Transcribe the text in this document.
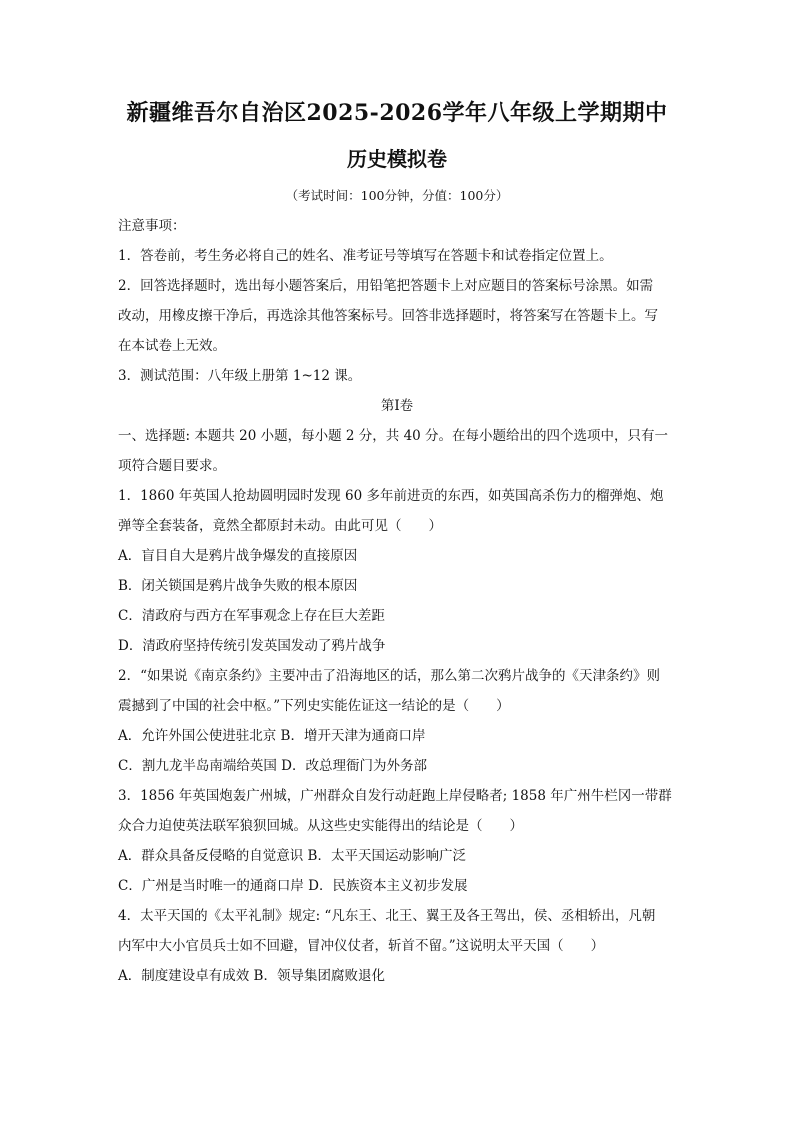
新疆维吾尔自治区2025-2026学年八年级上学期期中
历史模拟卷
（考试时间：100分钟，分值：100分）

注意事项：

1．答卷前，考生务必将自己的姓名、准考证号等填写在答题卡和试卷指定位置上。

2．回答选择题时，选出每小题答案后，用铅笔把答题卡上对应题目的答案标号涂黑。如需

改动，用橡皮擦干净后，再选涂其他答案标号。回答非选择题时，将答案写在答题卡上。写

在本试卷上无效。

3．测试范围：八年级上册第 1~12 课。

第Ⅰ卷

一、选择题: 本题共 20 小题，每小题 2 分，共 40 分。在每小题给出的四个选项中，只有一

项符合题目要求。

1．1860 年英国人抢劫圆明园时发现 60 多年前进贡的东西，如英国高杀伤力的榴弹炮、炮

弹等全套装备，竟然全都原封未动。由此可见（　　）

A．盲目自大是鸦片战争爆发的直接原因

B．闭关锁国是鸦片战争失败的根本原因

C．清政府与西方在军事观念上存在巨大差距

D．清政府坚持传统引发英国发动了鸦片战争

2．“如果说《南京条约》主要冲击了沿海地区的话，那么第二次鸦片战争的《天津条约》则

震撼到了中国的社会中枢。”下列史实能佐证这一结论的是（　　）

A．允许外国公使进驻北京 B．增开天津为通商口岸

C．割九龙半岛南端给英国 D．改总理衙门为外务部

3．1856 年英国炮轰广州城，广州群众自发行动赶跑上岸侵略者; 1858 年广州牛栏冈一带群

众合力迫使英法联军狼狈回城。从这些史实能得出的结论是（　　）

A．群众具备反侵略的自觉意识 B．太平天国运动影响广泛

C．广州是当时唯一的通商口岸 D．民族资本主义初步发展

4．太平天国的《太平礼制》规定: “凡东王、北王、翼王及各王驾出，侯、丞相轿出，凡朝

内军中大小官员兵士如不回避，冒冲仪仗者，斩首不留。”这说明太平天国（　　）

A．制度建设卓有成效 B．领导集团腐败退化
